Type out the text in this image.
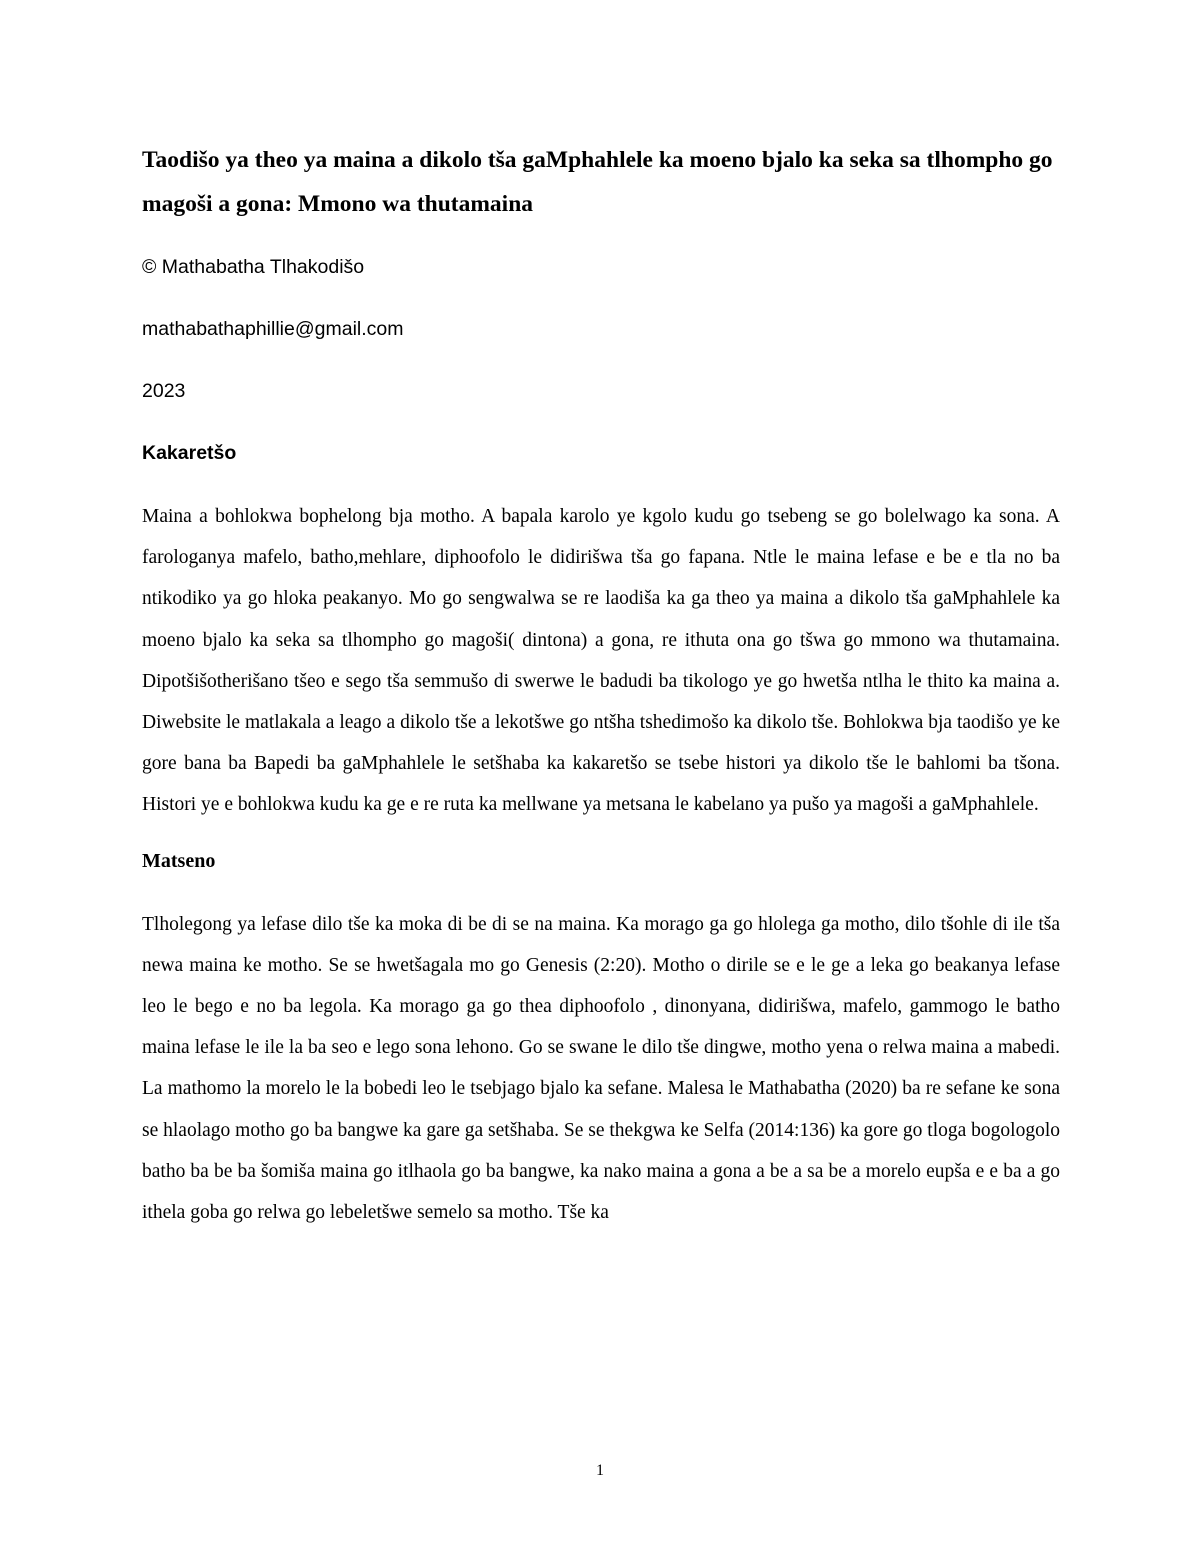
Taodišo ya theo ya maina a dikolo tša gaMphahlele ka moeno bjalo ka seka sa tlhompho go magoši a gona: Mmono wa thutamaina
© Mathabatha Tlhakodišo
mathabathaphillie@gmail.com
2023
Kakaretšo

Maina a bohlokwa bophelong bja motho. A bapala karolo ye kgolo kudu go tsebeng se go bolelwago ka sona. A farologanya mafelo, batho,mehlare, diphoofolo le didirišwa tša go fapana. Ntle le maina lefase e be e tla no ba ntikodiko ya go hloka peakanyo. Mo go sengwalwa se re laodiša ka ga theo ya maina a dikolo tša gaMphahlele ka moeno bjalo ka seka sa tlhompho go magoši( dintona) a gona, re ithuta ona go tšwa go mmono wa thutamaina. Dipotšišotherišano tšeo e sego tša semmušo di swerwe le badudi ba tikologo ye go hwetša ntlha le thito ka maina a. Diwebsite le matlakala a leago a dikolo tše a lekotšwe go ntšha tshedimošo ka dikolo tše. Bohlokwa bja taodišo ye ke gore bana ba Bapedi ba gaMphahlele le setšhaba ka kakaretšo se tsebe histori ya dikolo tše le bahlomi ba tšona. Histori ye e bohlokwa kudu ka ge e re ruta ka mellwane ya metsana le kabelano ya pušo ya magoši a gaMphahlele.

Matseno

Tlholegong ya lefase dilo tše ka moka di be di se na maina. Ka morago ga go hlolega ga motho, dilo tšohle di ile tša newa maina ke motho. Se se hwetšagala mo go Genesis (2:20). Motho o dirile se e le ge a leka go beakanya lefase leo le bego e no ba legola. Ka morago ga go thea diphoofolo , dinonyana, didirišwa, mafelo, gammogo le batho maina lefase le ile la ba seo e lego sona lehono. Go se swane le dilo tše dingwe, motho yena o relwa maina a mabedi. La mathomo la morelo le la bobedi leo le tsebjago bjalo ka sefane. Malesa le Mathabatha (2020) ba re sefane ke sona se hlaolago motho go ba bangwe ka gare ga setšhaba. Se se thekgwa ke Selfa (2014:136) ka gore go tloga bogologolo batho ba be ba šomiša maina go itlhaola go ba bangwe, ka nako maina a gona a be a sa be a morelo eupša e e ba a go ithela goba go relwa go lebeletšwe semelo sa motho. Tše ka

1
